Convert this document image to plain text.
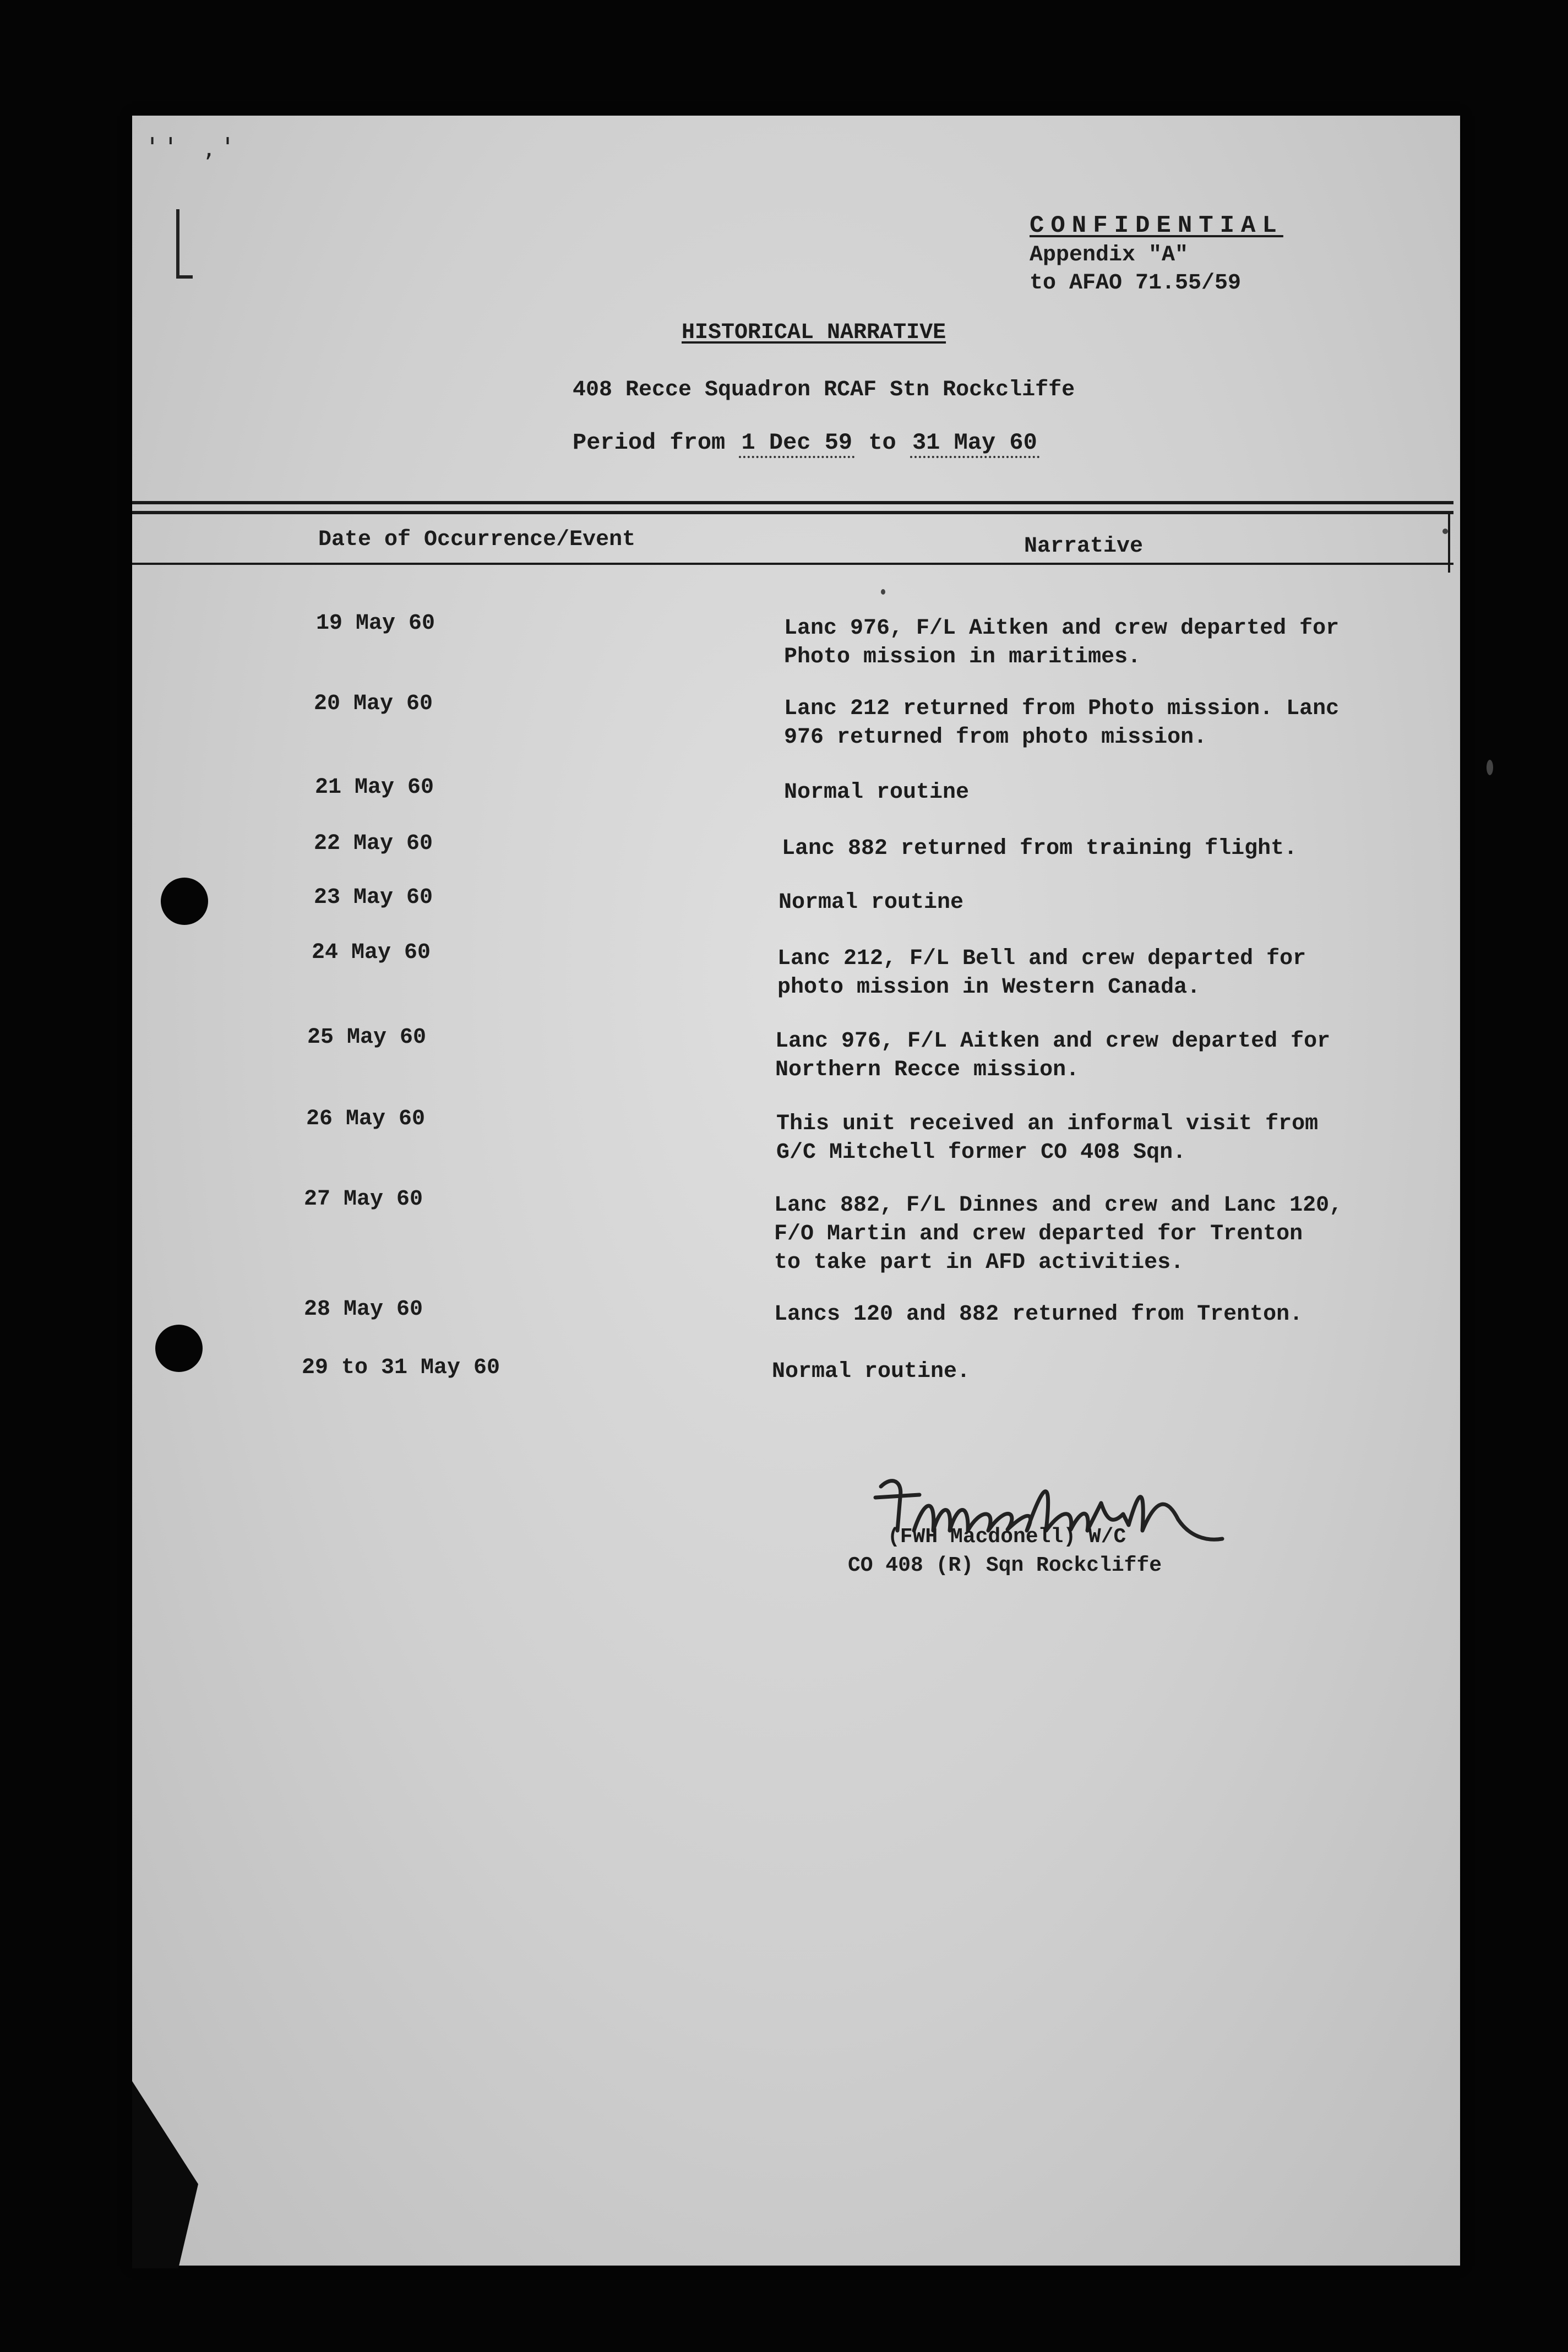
'' ,'
CONFIDENTIAL
Appendix "A"
to AFAO 71.55/59
HISTORICAL NARRATIVE
408 Recce Squadron RCAF Stn Rockcliffe
Period from 1 Dec 59 to 31 May 60
Date of Occurrence/Event	Narrative
19 May 60	Lanc 976, F/L Aitken and crew departed for
Photo mission in maritimes.
20 May 60	Lanc 212 returned from Photo mission. Lanc
976 returned from photo mission.
21 May 60	Normal routine
22 May 60	Lanc 882 returned from training flight.
23 May 60	Normal routine
24 May 60	Lanc 212, F/L Bell and crew departed for
photo mission in Western Canada.
25 May 60	Lanc 976, F/L Aitken and crew departed for
Northern Recce mission.
26 May 60	This unit received an informal visit from
G/C Mitchell former CO 408 Sqn.
27 May 60	Lanc 882, F/L Dinnes and crew and Lanc 120,
F/O Martin and crew departed for Trenton
to take part in AFD activities.
28 May 60	Lancs 120 and 882 returned from Trenton.
29 to 31 May 60	Normal routine.
(FWH Macdonell) W/C
CO 408 (R) Sqn Rockcliffe
